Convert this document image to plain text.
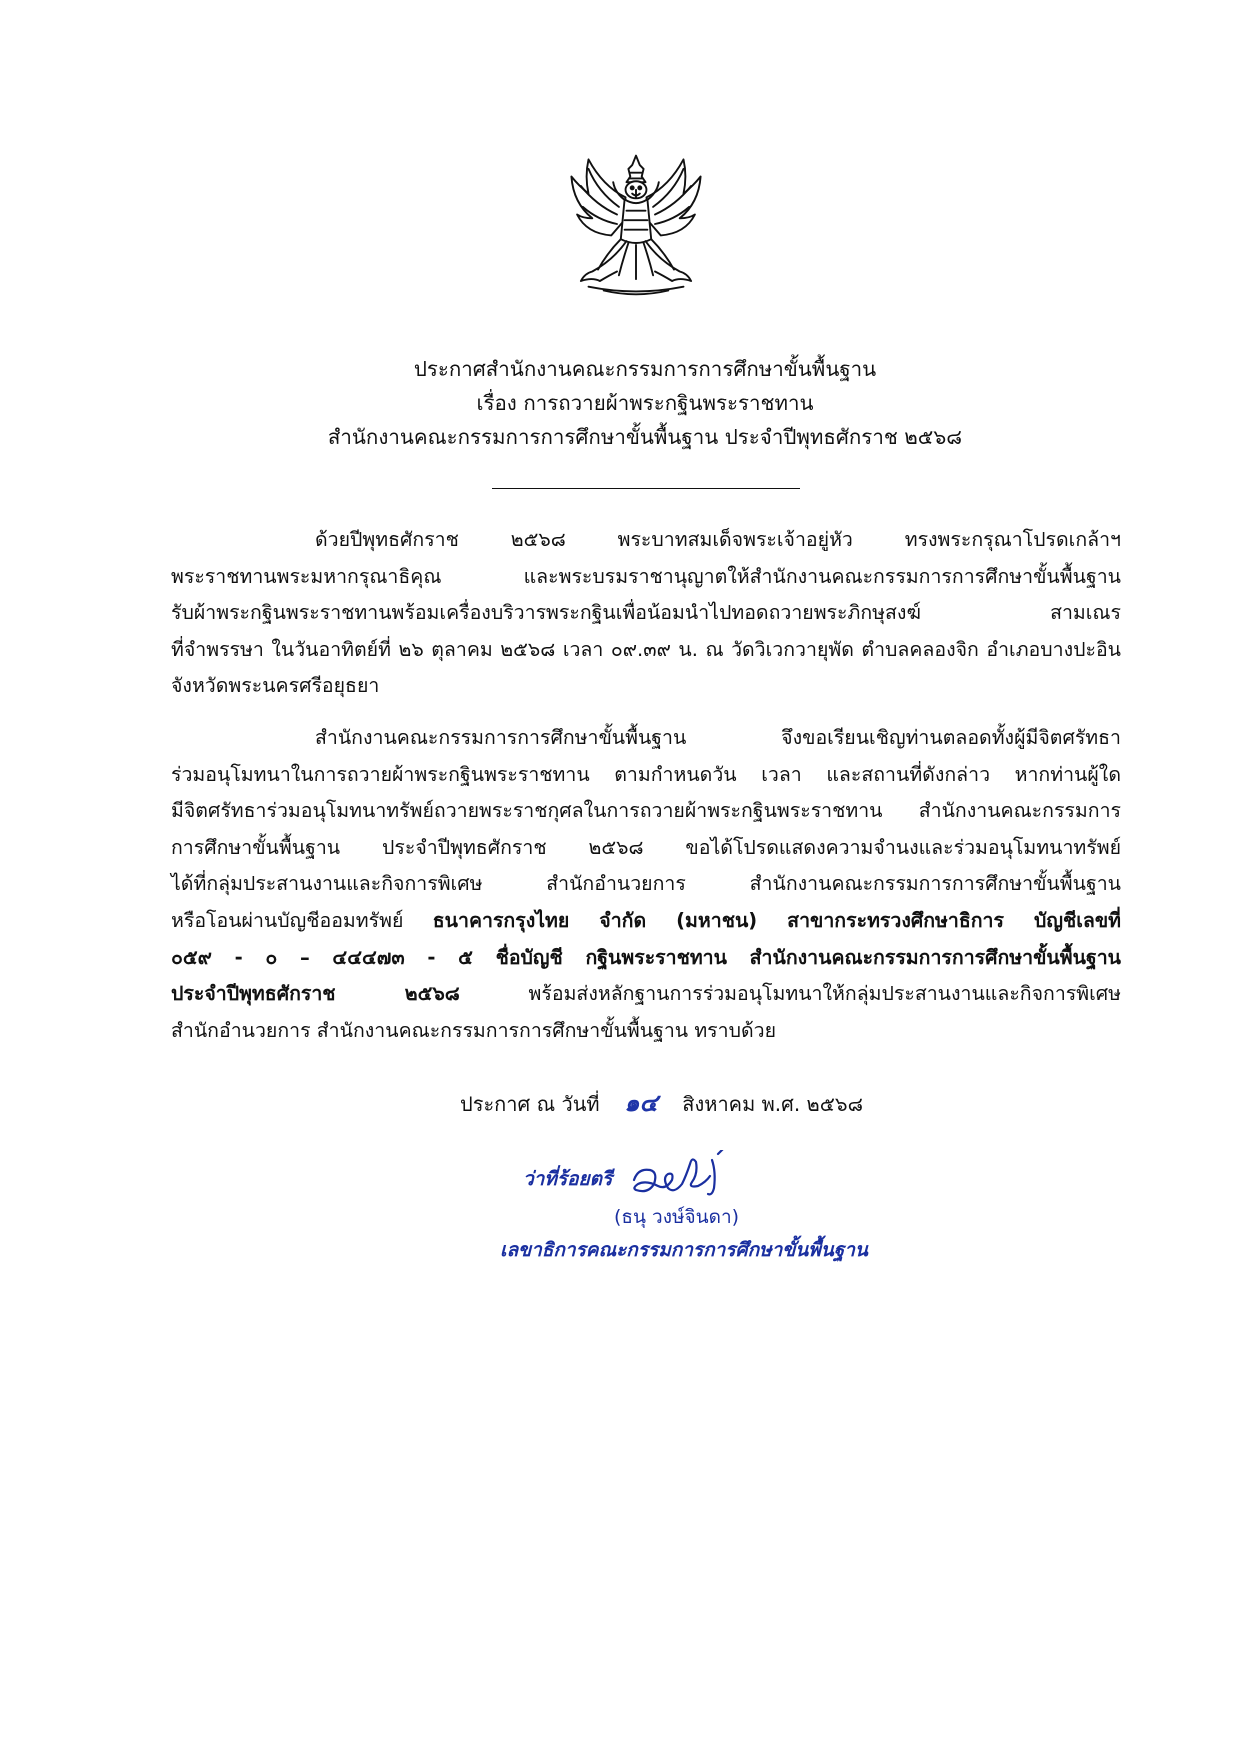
ประกาศสำนักงานคณะกรรมการการศึกษาขั้นพื้นฐาน
เรื่อง การถวายผ้าพระกฐินพระราชทาน
สำนักงานคณะกรรมการการศึกษาขั้นพื้นฐาน ประจำปีพุทธศักราช ๒๕๖๘
ด้วยปีพุทธศักราช ๒๕๖๘ พระบาทสมเด็จพระเจ้าอยู่หัว ทรงพระกรุณาโปรดเกล้าฯ
พระราชทานพระมหากรุณาธิคุณ และพระบรมราชานุญาตให้สำนักงานคณะกรรมการการศึกษาขั้นพื้นฐาน
รับผ้าพระกฐินพระราชทานพร้อมเครื่องบริวารพระกฐินเพื่อน้อมนำไปทอดถวายพระภิกษุสงฆ์ สามเณร
ที่จำพรรษา ในวันอาทิตย์ที่ ๒๖ ตุลาคม ๒๕๖๘ เวลา ๐๙.๓๙ น. ณ วัดวิเวกวายุพัด ตำบลคลองจิก อำเภอบางปะอิน
จังหวัดพระนครศรีอยุธยา
สำนักงานคณะกรรมการการศึกษาขั้นพื้นฐาน จึงขอเรียนเชิญท่านตลอดทั้งผู้มีจิตศรัทธา
ร่วมอนุโมทนาในการถวายผ้าพระกฐินพระราชทาน ตามกำหนดวัน เวลา และสถานที่ดังกล่าว หากท่านผู้ใด
มีจิตศรัทธาร่วมอนุโมทนาทรัพย์ถวายพระราชกุศลในการถวายผ้าพระกฐินพระราชทาน สำนักงานคณะกรรมการ
การศึกษาขั้นพื้นฐาน ประจำปีพุทธศักราช ๒๕๖๘ ขอได้โปรดแสดงความจำนงและร่วมอนุโมทนาทรัพย์
ได้ที่กลุ่มประสานงานและกิจการพิเศษ สำนักอำนวยการ สำนักงานคณะกรรมการการศึกษาขั้นพื้นฐาน
หรือโอนผ่านบัญชีออมทรัพย์ ธนาคารกรุงไทย จำกัด (มหาชน) สาขากระทรวงศึกษาธิการ บัญชีเลขที่
๐๕๙ - ๐ – ๔๔๔๗๓ - ๕ ชื่อบัญชี กฐินพระราชทาน สำนักงานคณะกรรมการการศึกษาขั้นพื้นฐาน
ประจำปีพุทธศักราช ๒๕๖๘	พร้อมส่งหลักฐานการร่วมอนุโมทนาให้กลุ่มประสานงานและกิจการพิเศษ
สำนักอำนวยการ สำนักงานคณะกรรมการการศึกษาขั้นพื้นฐาน ทราบด้วย
ประกาศ ณ วันที่ ๑๔ สิงหาคม พ.ศ. ๒๕๖๘
ว่าที่ร้อยตรี
(ธนุ วงษ์จินดา)
เลขาธิการคณะกรรมการการศึกษาขั้นพื้นฐาน
